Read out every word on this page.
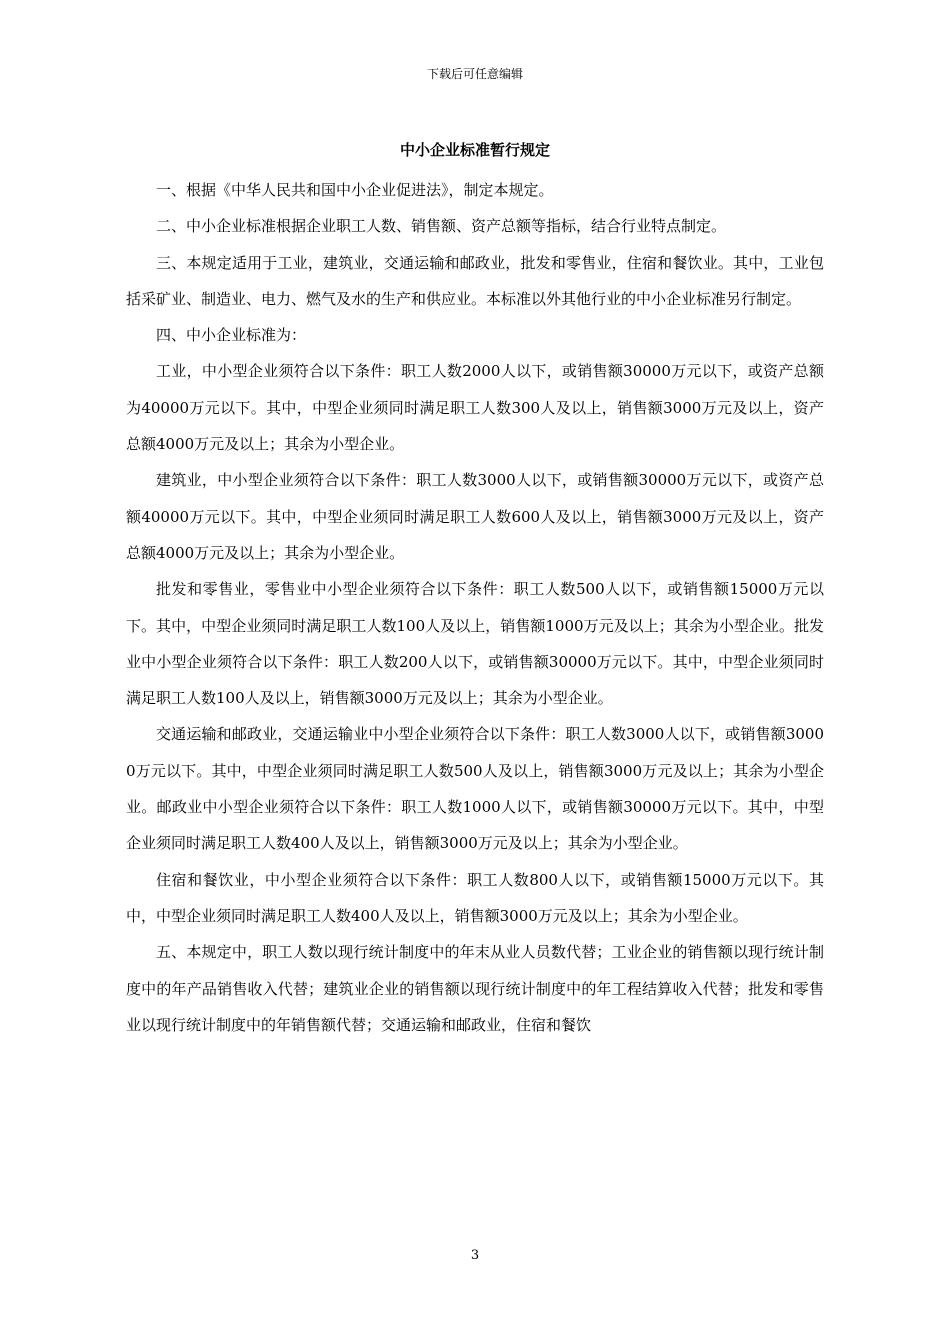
下载后可任意编辑
中小企业标准暂行规定

一、根据《中华人民共和国中小企业促进法》，制定本规定。

二、中小企业标准根据企业职工人数、销售额、资产总额等指标，结合行业特点制定。

三、本规定适用于工业，建筑业，交通运输和邮政业，批发和零售业，住宿和餐饮业。其中，工业包括采矿业、制造业、电力、燃气及水的生产和供应业。本标准以外其他行业的中小企业标准另行制定。

四、中小企业标准为：

工业，中小型企业须符合以下条件：职工人数2000人以下，或销售额30000万元以下，或资产总额为40000万元以下。其中，中型企业须同时满足职工人数300人及以上，销售额3000万元及以上，资产总额4000万元及以上；其余为小型企业。

建筑业，中小型企业须符合以下条件：职工人数3000人以下，或销售额30000万元以下，或资产总额40000万元以下。其中，中型企业须同时满足职工人数600人及以上，销售额3000万元及以上，资产总额4000万元及以上；其余为小型企业。

批发和零售业，零售业中小型企业须符合以下条件：职工人数500人以下，或销售额15000万元以下。其中，中型企业须同时满足职工人数100人及以上，销售额1000万元及以上；其余为小型企业。批发业中小型企业须符合以下条件：职工人数200人以下，或销售额30000万元以下。其中，中型企业须同时满足职工人数100人及以上，销售额3000万元及以上；其余为小型企业。

交通运输和邮政业，交通运输业中小型企业须符合以下条件：职工人数3000人以下，或销售额30000万元以下。其中，中型企业须同时满足职工人数500人及以上，销售额3000万元及以上；其余为小型企业。邮政业中小型企业须符合以下条件：职工人数1000人以下，或销售额30000万元以下。其中，中型企业须同时满足职工人数400人及以上，销售额3000万元及以上；其余为小型企业。

住宿和餐饮业，中小型企业须符合以下条件：职工人数800人以下，或销售额15000万元以下。其中，中型企业须同时满足职工人数400人及以上，销售额3000万元及以上；其余为小型企业。

五、本规定中，职工人数以现行统计制度中的年末从业人员数代替；工业企业的销售额以现行统计制度中的年产品销售收入代替；建筑业企业的销售额以现行统计制度中的年工程结算收入代替；批发和零售业以现行统计制度中的年销售额代替；交通运输和邮政业，住宿和餐饮

3
